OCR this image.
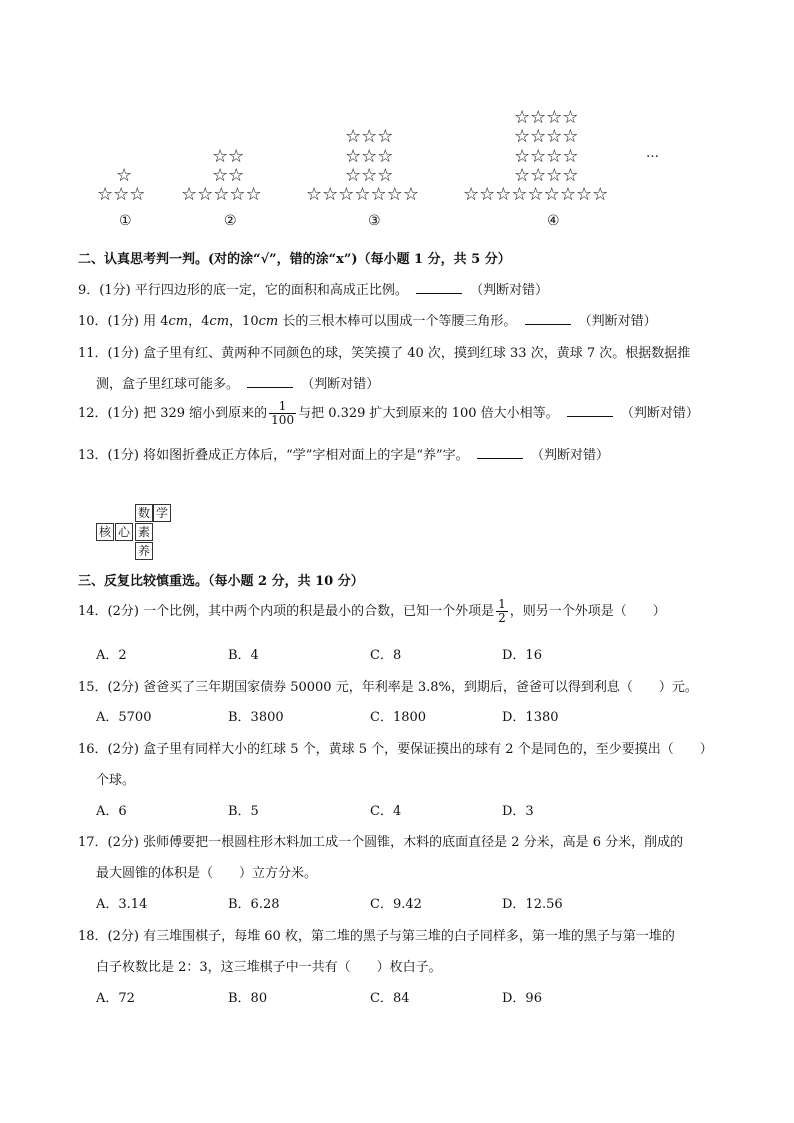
☆
☆☆☆
①
☆☆
☆☆
☆☆☆☆☆
②
☆☆☆
☆☆☆
☆☆☆
☆☆☆☆☆☆☆
③
☆☆☆☆
☆☆☆☆
☆☆☆☆
☆☆☆☆
☆☆☆☆☆☆☆☆☆
④
…
二、认真思考判一判。(对的涂“√”，错的涂“x”)（每小题 1 分，共 5 分）
9．(1分) 平行四边形的底一定，它的面积和高成正比例。	（判断对错）
10．(1分) 用 4cm，4cm，10cm 长的三根木棒可以围成一个等腰三角形。	（判断对错）
11．(1分) 盒子里有红、黄两种不同颜色的球，笑笑摸了 40 次，摸到红球 33 次，黄球 7 次。根据数据推
测，盒子里红球可能多。	（判断对错）
12．(1分) 把 329 缩小到原来的 $\frac{1}{100}$ 与把 0.329 扩大到原来的 100 倍大小相等。	（判断对错）
13．(1分) 将如图折叠成正方体后，“学”字相对面上的字是“养”字。	（判断对错）
数 学
核 心 素
养
三、反复比较慎重选。（每小题 2 分，共 10 分）
14．(2分) 一个比例，其中两个内项的积是最小的合数，已知一个外项是 $\frac{1}{2}$ ，则另一个外项是（　　）
A．2	B．4	C．8	D．16
15．(2分) 爸爸买了三年期国家债券 50000 元，年利率是 3.8%，到期后，爸爸可以得到利息（　　）元。
A．5700	B．3800	C．1800	D．1380
16．(2分) 盒子里有同样大小的红球 5 个，黄球 5 个，要保证摸出的球有 2 个是同色的，至少要摸出（　　）
个球。
A．6	B．5	C．4	D．3
17．(2分) 张师傅要把一根圆柱形木料加工成一个圆锥，木料的底面直径是 2 分米，高是 6 分米，削成的
最大圆锥的体积是（　　）立方分米。
A．3.14	B．6.28	C．9.42	D．12.56
18．(2分) 有三堆围棋子，每堆 60 枚，第二堆的黑子与第三堆的白子同样多，第一堆的黑子与第一堆的
白子枚数比是 2：3，这三堆棋子中一共有（　　）枚白子。
A．72	B．80	C．84	D．96
